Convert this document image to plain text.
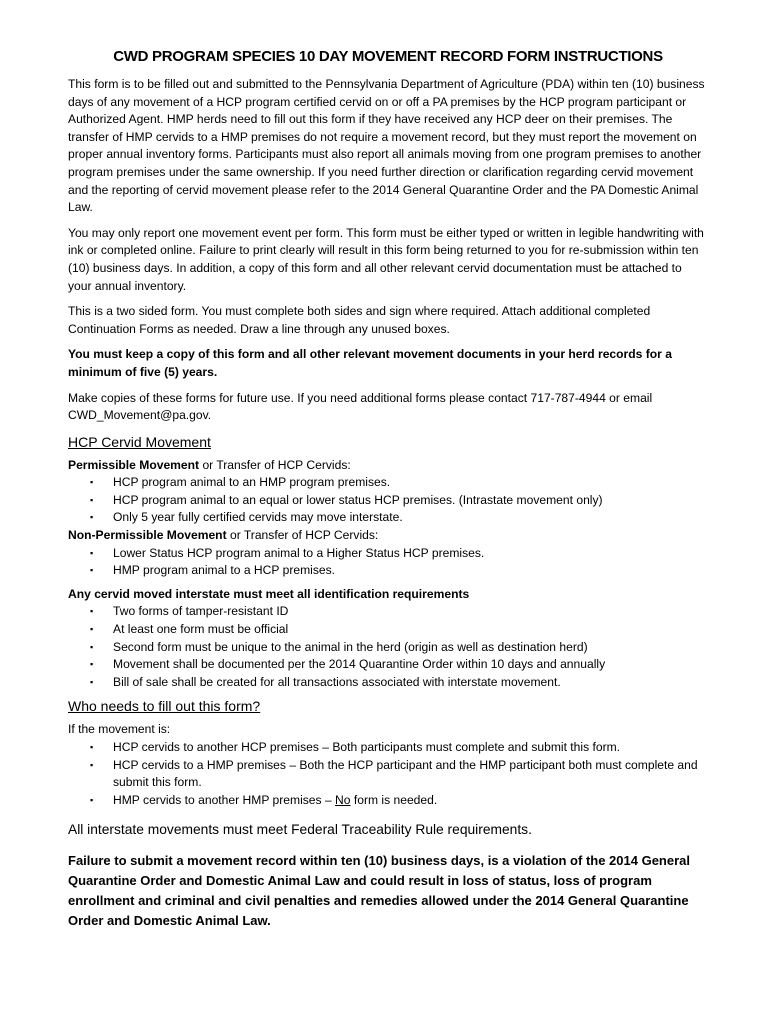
CWD PROGRAM SPECIES 10 DAY MOVEMENT RECORD FORM INSTRUCTIONS

This form is to be filled out and submitted to the Pennsylvania Department of Agriculture (PDA) within ten (10) business days of any movement of a HCP program certified cervid on or off a PA premises by the HCP program participant or Authorized Agent. HMP herds need to fill out this form if they have received any HCP deer on their premises. The transfer of HMP cervids to a HMP premises do not require a movement record, but they must report the movement on proper annual inventory forms. Participants must also report all animals moving from one program premises to another program premises under the same ownership. If you need further direction or clarification regarding cervid movement and the reporting of cervid movement please refer to the 2014 General Quarantine Order and the PA Domestic Animal Law.

You may only report one movement event per form. This form must be either typed or written in legible handwriting with ink or completed online. Failure to print clearly will result in this form being returned to you for re-submission within ten (10) business days. In addition, a copy of this form and all other relevant cervid documentation must be attached to your annual inventory.

This is a two sided form. You must complete both sides and sign where required. Attach additional completed Continuation Forms as needed. Draw a line through any unused boxes.

You must keep a copy of this form and all other relevant movement documents in your herd records for a minimum of five (5) years.

Make copies of these forms for future use. If you need additional forms please contact 717-787-4944 or email CWD_Movement@pa.gov.

HCP Cervid Movement
Permissible Movement or Transfer of HCP Cervids:
▪ HCP program animal to an HMP program premises.
▪ HCP program animal to an equal or lower status HCP premises. (Intrastate movement only)
▪ Only 5 year fully certified cervids may move interstate.
Non-Permissible Movement or Transfer of HCP Cervids:
▪ Lower Status HCP program animal to a Higher Status HCP premises.
▪ HMP program animal to a HCP premises.
Any cervid moved interstate must meet all identification requirements
▪ Two forms of tamper-resistant ID
▪ At least one form must be official
▪ Second form must be unique to the animal in the herd (origin as well as destination herd)
▪ Movement shall be documented per the 2014 Quarantine Order within 10 days and annually
▪ Bill of sale shall be created for all transactions associated with interstate movement.
Who needs to fill out this form?
If the movement is:
▪ HCP cervids to another HCP premises – Both participants must complete and submit this form.
▪ HCP cervids to a HMP premises – Both the HCP participant and the HMP participant both must complete and submit this form.
▪ HMP cervids to another HMP premises – No form is needed.

All interstate movements must meet Federal Traceability Rule requirements.

Failure to submit a movement record within ten (10) business days, is a violation of the 2014 General Quarantine Order and Domestic Animal Law and could result in loss of status, loss of program enrollment and criminal and civil penalties and remedies allowed under the 2014 General Quarantine Order and Domestic Animal Law.
